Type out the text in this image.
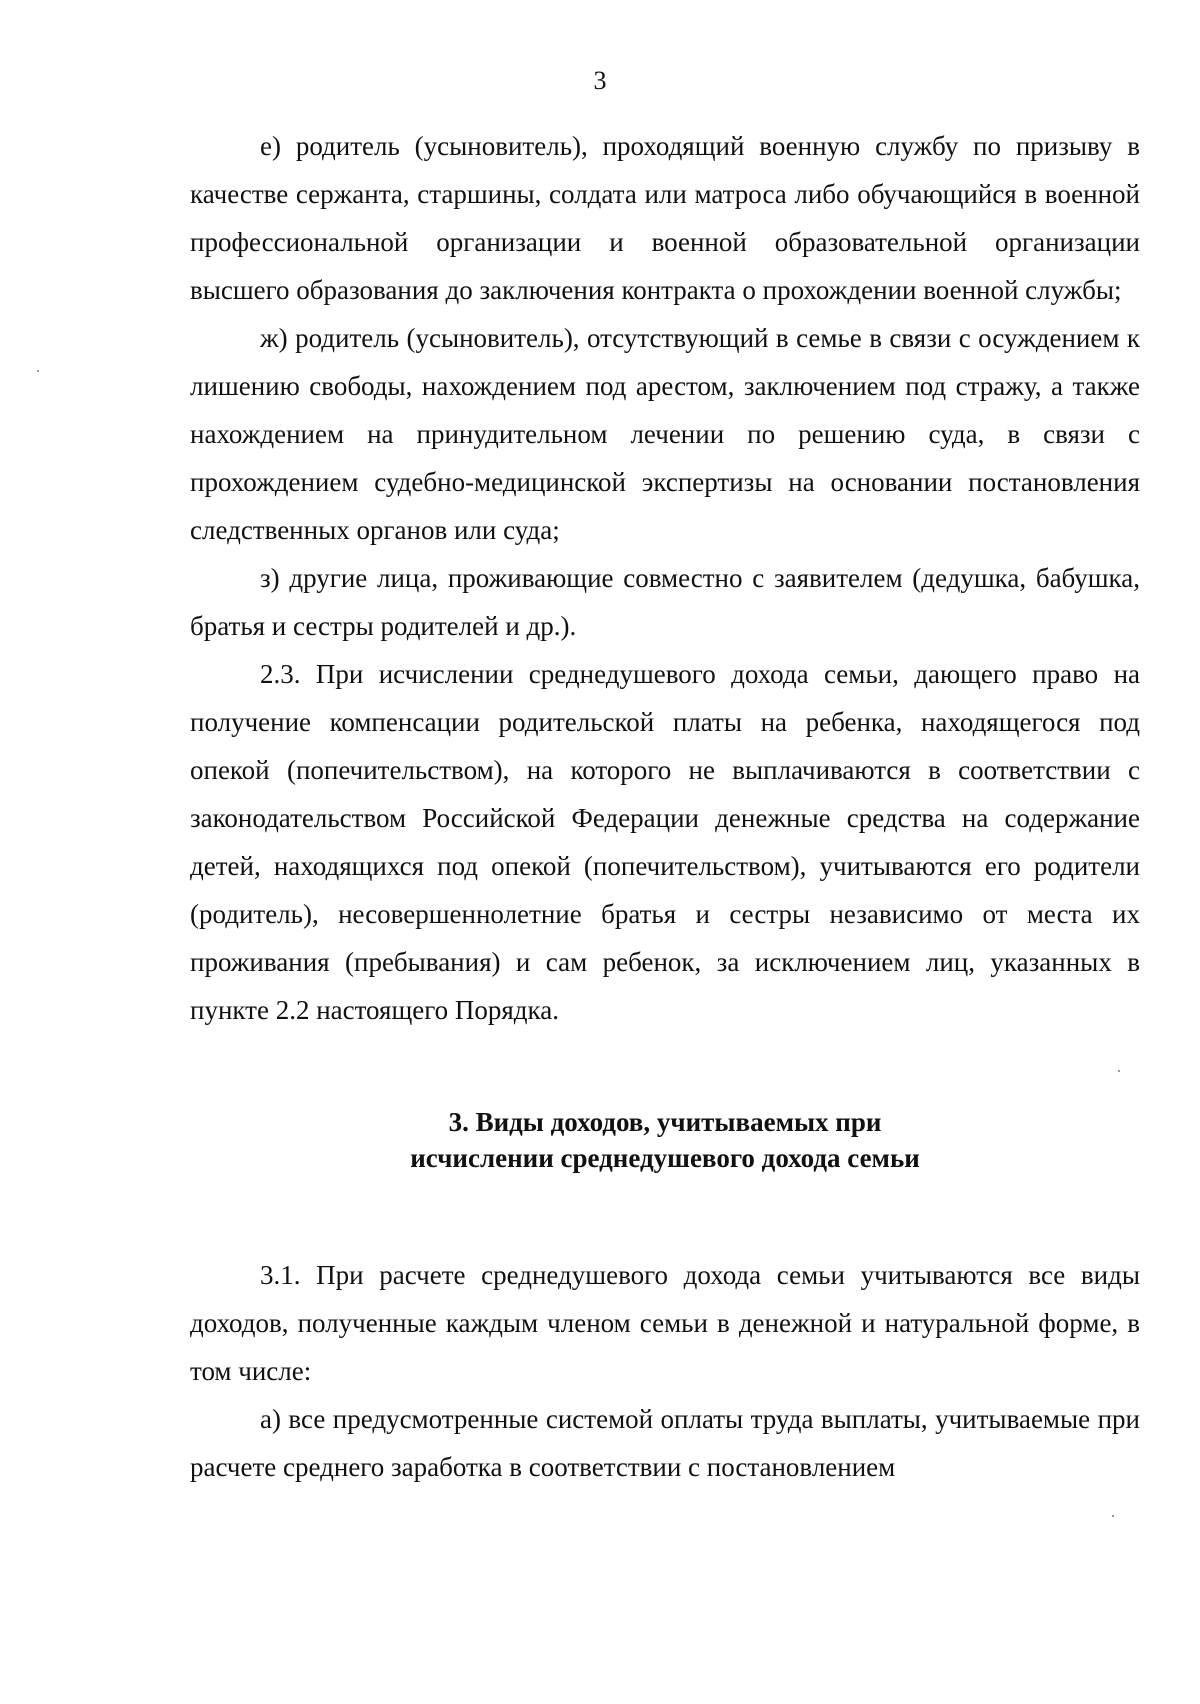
3

е) родитель (усыновитель), проходящий военную службу по призыву в качестве сержанта, старшины, солдата или матроса либо обучающийся в военной профессиональной организации и военной образовательной организации высшего образования до заключения контракта о прохождении военной службы;

ж) родитель (усыновитель), отсутствующий в семье в связи с осуждением к лишению свободы, нахождением под арестом, заключением под стражу, а также нахождением на принудительном лечении по решению суда, в связи с прохождением судебно-медицинской экспертизы на основании постановления следственных органов или суда;

з) другие лица, проживающие совместно с заявителем (дедушка, бабушка, братья и сестры родителей и др.).

2.3. При исчислении среднедушевого дохода семьи, дающего право на получение компенсации родительской платы на ребенка, находящегося под опекой (попечительством), на которого не выплачиваются в соответствии с законодательством Российской Федерации денежные средства на содержание детей, находящихся под опекой (попечительством), учитываются его родители (родитель), несовершеннолетние братья и сестры независимо от места их проживания (пребывания) и сам ребенок, за исключением лиц, указанных в пункте 2.2 настоящего Порядка.

3. Виды доходов, учитываемых при
исчислении среднедушевого дохода семьи

3.1. При расчете среднедушевого дохода семьи учитываются все виды доходов, полученные каждым членом семьи в денежной и натуральной форме, в том числе:

а) все предусмотренные системой оплаты труда выплаты, учитываемые при расчете среднего заработка в соответствии с постановлением
